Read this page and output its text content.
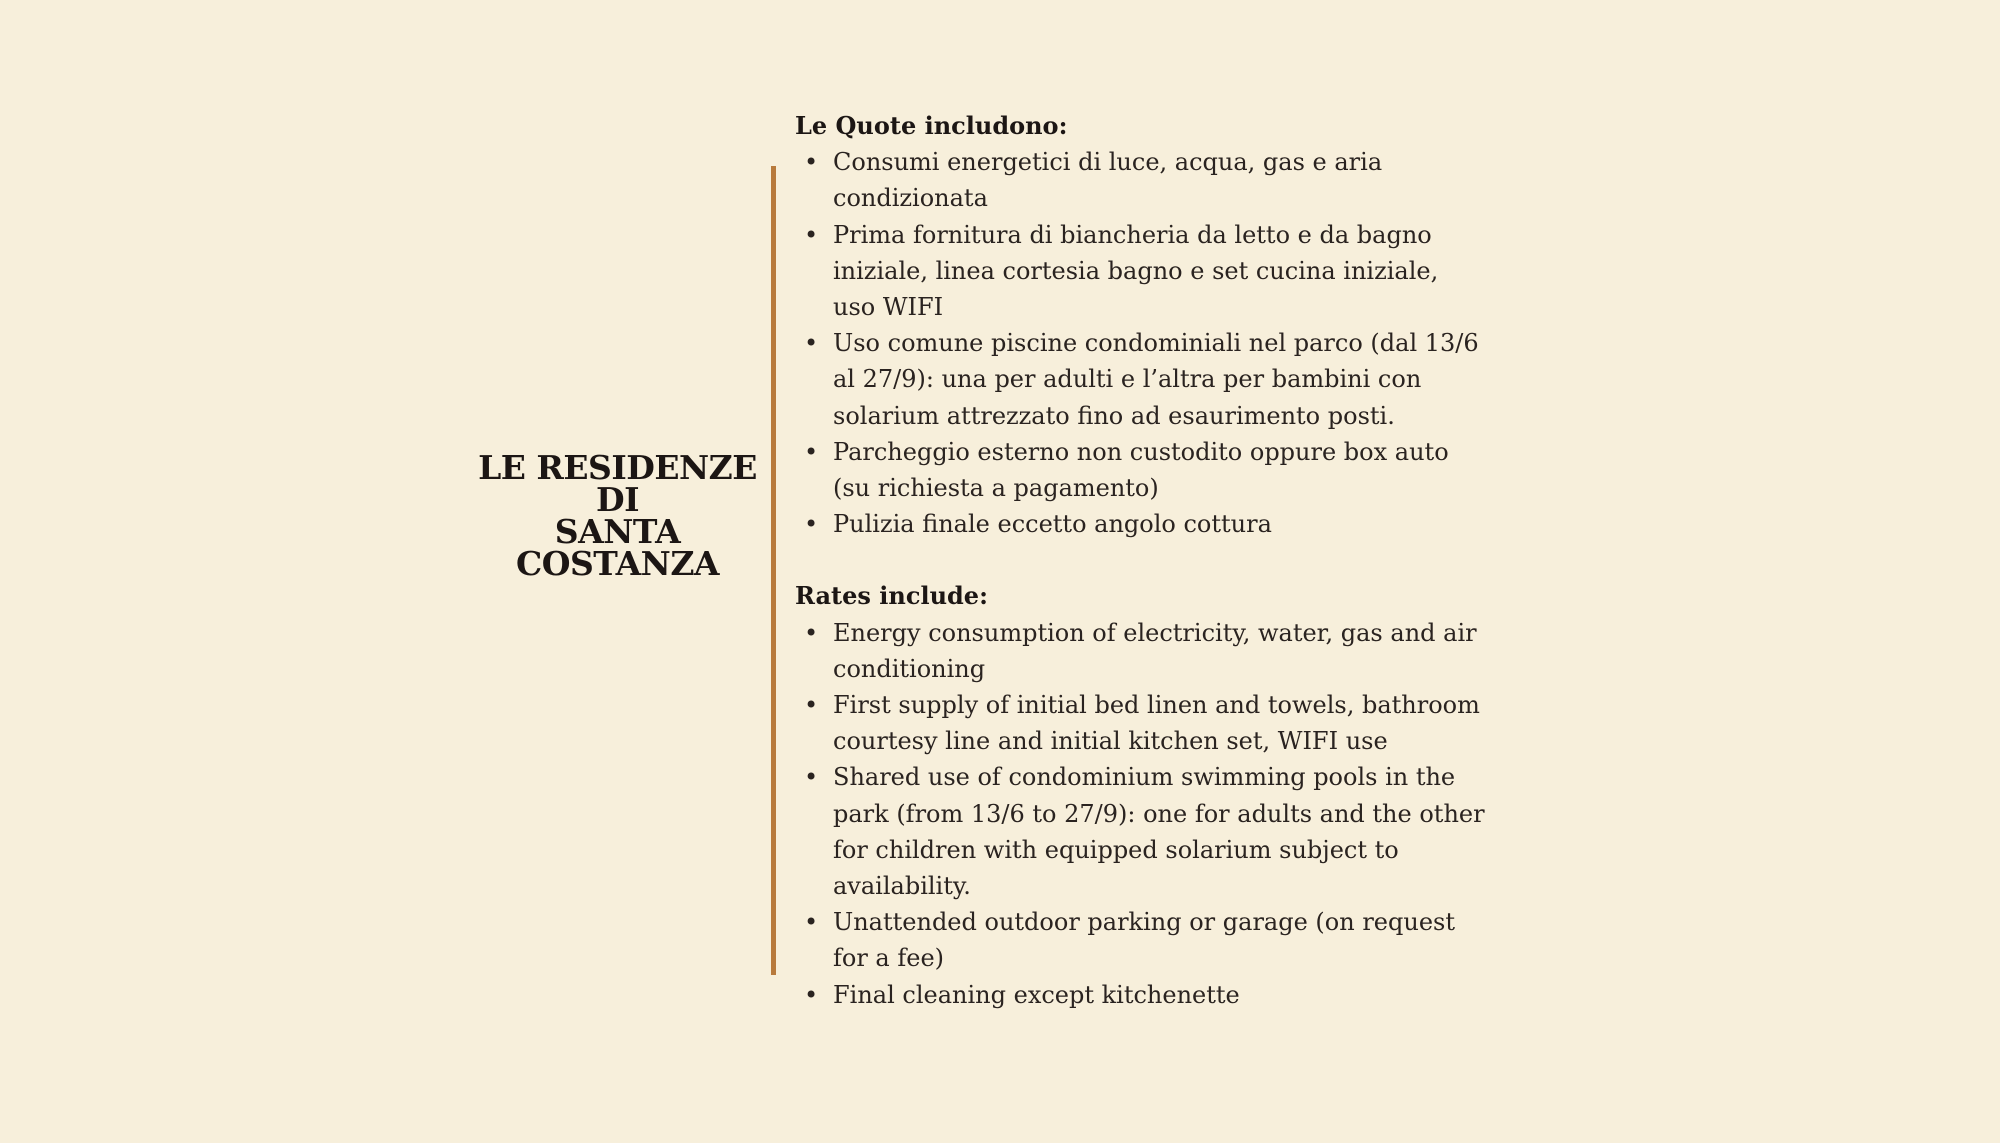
LE RESIDENZE
DI
SANTA
COSTANZA

Le Quote includono:

• Consumi energetici di luce, acqua, gas e aria condizionata
• Prima fornitura di biancheria da letto e da bagno iniziale, linea cortesia bagno e set cucina iniziale, uso WIFI
• Uso comune piscine condominiali nel parco (dal 13/6 al 27/9): una per adulti e l’altra per bambini con solarium attrezzato fino ad esaurimento posti.
• Parcheggio esterno non custodito oppure box auto (su richiesta a pagamento)
• Pulizia finale eccetto angolo cottura

Rates include:

• Energy consumption of electricity, water, gas and air conditioning
• First supply of initial bed linen and towels, bathroom courtesy line and initial kitchen set, WIFI use
• Shared use of condominium swimming pools in the park (from 13/6 to 27/9): one for adults and the other for children with equipped solarium subject to availability.
• Unattended outdoor parking or garage (on request for a fee)
• Final cleaning except kitchenette
